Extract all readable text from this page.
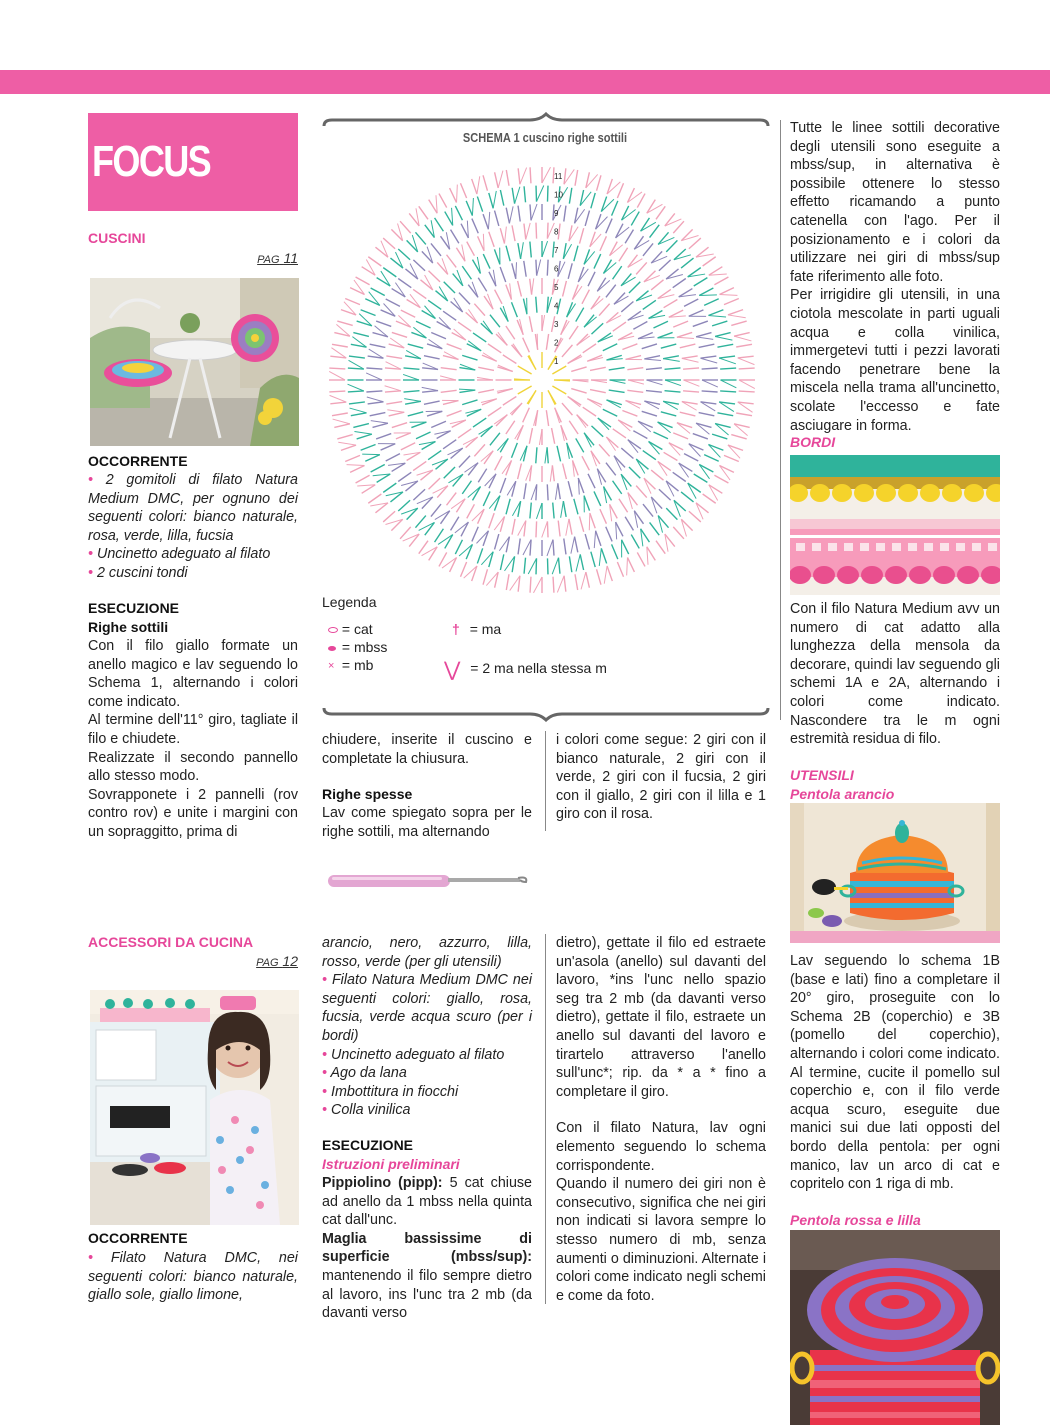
FOCUS
CUSCINI
PAG 11
OCCORRENTE
• 2 gomitoli di filato Natura Medium DMC, per ognuno dei seguenti colori: bianco naturale, rosa, verde, lilla, fucsia
• Uncinetto adeguato al filato
• 2 cuscini tondi
ESECUZIONE
Righe sottili
Con il filo giallo formate un anello magico e lav seguendo lo Schema 1, alternando i colori come indicato.
Al termine dell'11° giro, tagliate il filo e chiudete.
Realizzate il secondo pannello allo stesso modo.
Sovrapponete i 2 pannelli (rov contro rov) e unite i margini con un sopraggitto, prima di
SCHEMA 1 cuscino righe sottili
1
2
3
4
5
6
7
8
9
10
11
Legenda
= cat
= mbss
× = mb
† = ma
⋁ = 2 ma nella stessa m
chiudere, inserite il cuscino e completate la chiusura.
Righe spesse
Lav come spiegato sopra per le righe sottili, ma alternando
i colori come segue: 2 giri con il bianco naturale, 2 giri con il verde, 2 giri con il fucsia, 2 giri con il giallo, 2 giri con il lilla e 1 giro con il rosa.
Tutte le linee sottili decorative degli utensili sono eseguite a mbss/sup, in alternativa è possibile ottenere lo stesso effetto ricamando a punto catenella con l'ago. Per il posizionamento e i colori da utilizzare nei giri di mbss/sup fate riferimento alle foto.
Per irrigidire gli utensili, in una ciotola mescolate in parti uguali acqua e colla vinilica, immergetevi tutti i pezzi lavorati facendo penetrare bene la miscela nella trama all'uncinetto, scolate l'eccesso e fate asciugare in forma.
BORDI
Con il filo Natura Medium avv un numero di cat adatto alla lunghezza della mensola da decorare, quindi lav seguendo gli schemi 1A e 2A, alternando i colori come indicato. Nascondere tra le m ogni estremità residua di filo.
UTENSILI
Pentola arancio
Lav seguendo lo schema 1B (base e lati) fino a completare il 20° giro, proseguite con lo Schema 2B (coperchio) e 3B (pomello del coperchio), alternando i colori come indicato. Al termine, cucite il pomello sul coperchio e, con il filo verde acqua scuro, eseguite due manici sui due lati opposti del bordo della pentola: per ogni manico, lav un arco di cat e copritelo con 1 riga di mb.
Pentola rossa e lilla
ACCESSORI DA CUCINA
PAG 12
OCCORRENTE
• Filato Natura DMC, nei seguenti colori: bianco naturale, giallo sole, giallo limone,
arancio, nero, azzurro, lilla, rosso, verde (per gli utensili)
• Filato Natura Medium DMC nei seguenti colori: giallo, rosa, fucsia, verde acqua scuro (per i bordi)
• Uncinetto adeguato al filato
• Ago da lana
• Imbottitura in fiocchi
• Colla vinilica
ESECUZIONE
Istruzioni preliminari
Pippiolino (pipp): 5 cat chiuse ad anello da 1 mbss nella quinta cat dall'unc.
Maglia bassissime di superficie (mbss/sup): mantenendo il filo sempre dietro al lavoro, ins l'unc tra 2 mb (da davanti verso
dietro), gettate il filo ed estraete un'asola (anello) sul davanti del lavoro, *ins l'unc nello spazio seg tra 2 mb (da davanti verso dietro), gettate il filo, estraete un anello sul davanti del lavoro e tirartelo attraverso l'anello sull'unc*; rip. da * a * fino a completare il giro.
Con il filato Natura, lav ogni elemento seguendo lo schema corrispondente.
Quando il numero dei giri non è consecutivo, significa che nei giri non indicati si lavora sempre lo stesso numero di mb, senza aumenti o diminuzioni. Alternate i colori come indicato negli schemi e come da foto.
